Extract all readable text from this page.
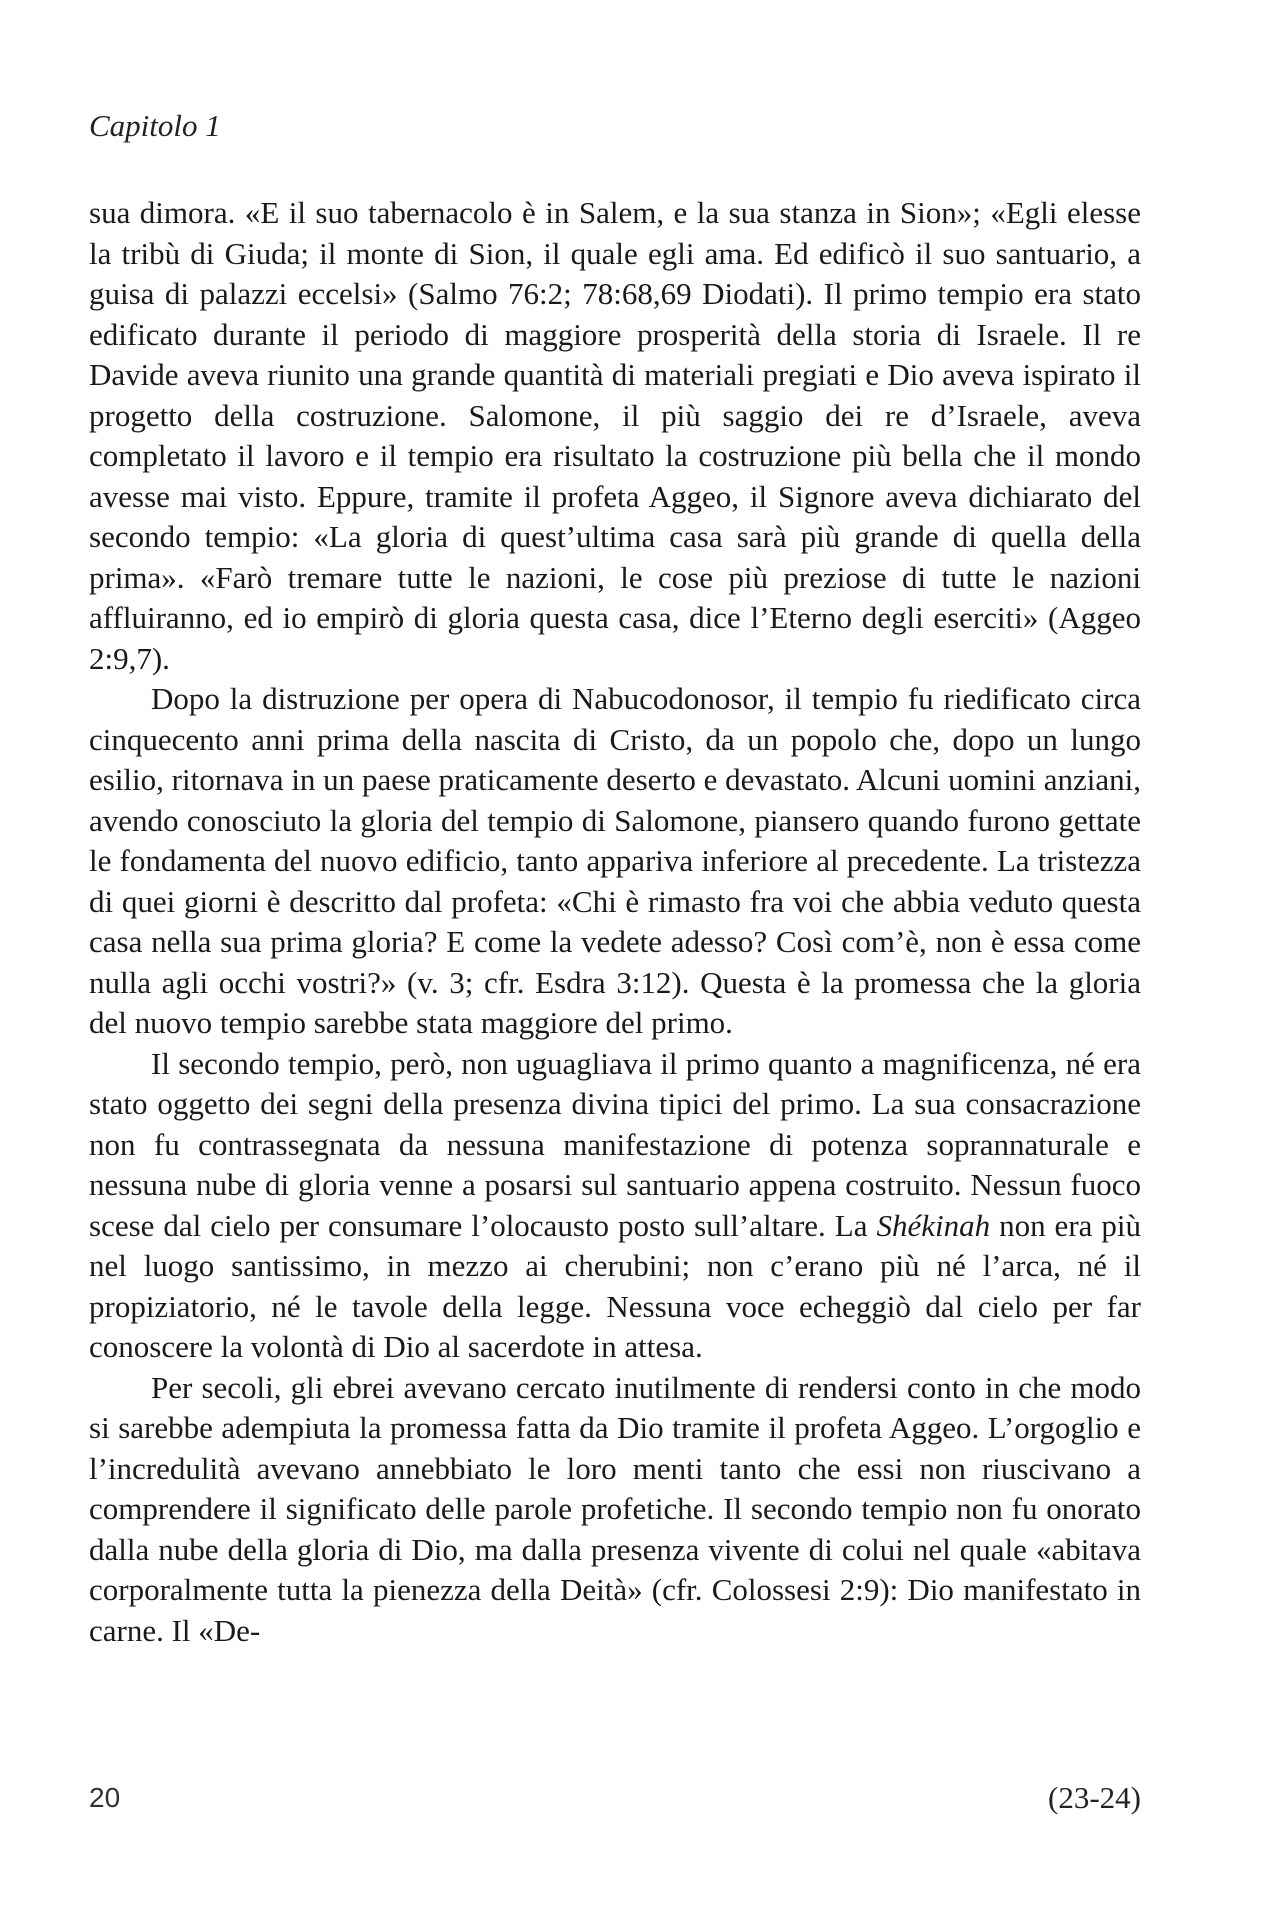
Capitolo 1

sua dimora. «E il suo tabernacolo è in Salem, e la sua stanza in Sion»; «Egli elesse la tribù di Giuda; il monte di Sion, il quale egli ama. Ed edificò il suo santuario, a guisa di palazzi eccelsi» (Salmo 76:2; 78:68,69 Diodati). Il primo tempio era stato edificato durante il periodo di maggiore prosperità della storia di Israele. Il re Davide aveva riunito una grande quantità di materiali pregiati e Dio aveva ispirato il progetto della costruzione. Salomone, il più saggio dei re d’Israele, aveva completato il lavoro e il tempio era risultato la costruzione più bella che il mondo avesse mai visto. Eppure, tramite il profeta Aggeo, il Signore aveva dichiarato del secondo tempio: «La gloria di quest’ultima casa sarà più grande di quella della prima». «Farò tremare tutte le nazioni, le cose più preziose di tutte le nazioni affluiranno, ed io empirò di gloria questa casa, dice l’Eterno degli eserciti» (Aggeo 2:9,7).

Dopo la distruzione per opera di Nabucodonosor, il tempio fu riedificato circa cinquecento anni prima della nascita di Cristo, da un popolo che, dopo un lungo esilio, ritornava in un paese praticamente deserto e devastato. Alcuni uomini anziani, avendo conosciuto la gloria del tempio di Salomone, piansero quando furono gettate le fondamenta del nuovo edificio, tanto appariva inferiore al precedente. La tristezza di quei giorni è descritto dal profeta: «Chi è rimasto fra voi che abbia veduto questa casa nella sua prima gloria? E come la vedete adesso? Così com’è, non è essa come nulla agli occhi vostri?» (v. 3; cfr. Esdra 3:12). Questa è la promessa che la gloria del nuovo tempio sarebbe stata maggiore del primo.

Il secondo tempio, però, non uguagliava il primo quanto a magnificenza, né era stato oggetto dei segni della presenza divina tipici del primo. La sua consacrazione non fu contrassegnata da nessuna manifestazione di potenza soprannaturale e nessuna nube di gloria venne a posarsi sul santuario appena costruito. Nessun fuoco scese dal cielo per consumare l’olocausto posto sull’altare. La Shékinah non era più nel luogo santissimo, in mezzo ai cherubini; non c’erano più né l’arca, né il propiziatorio, né le tavole della legge. Nessuna voce echeggiò dal cielo per far conoscere la volontà di Dio al sacerdote in attesa.

Per secoli, gli ebrei avevano cercato inutilmente di rendersi conto in che modo si sarebbe adempiuta la promessa fatta da Dio tramite il profeta Aggeo. L’orgoglio e l’incredulità avevano annebbiato le loro menti tanto che essi non riuscivano a comprendere il significato delle parole profetiche. Il secondo tempio non fu onorato dalla nube della gloria di Dio, ma dalla presenza vivente di colui nel quale «abitava corporalmente tutta la pienezza della Deità» (cfr. Colossesi 2:9): Dio manifestato in carne. Il «De-

20	(23-24)
